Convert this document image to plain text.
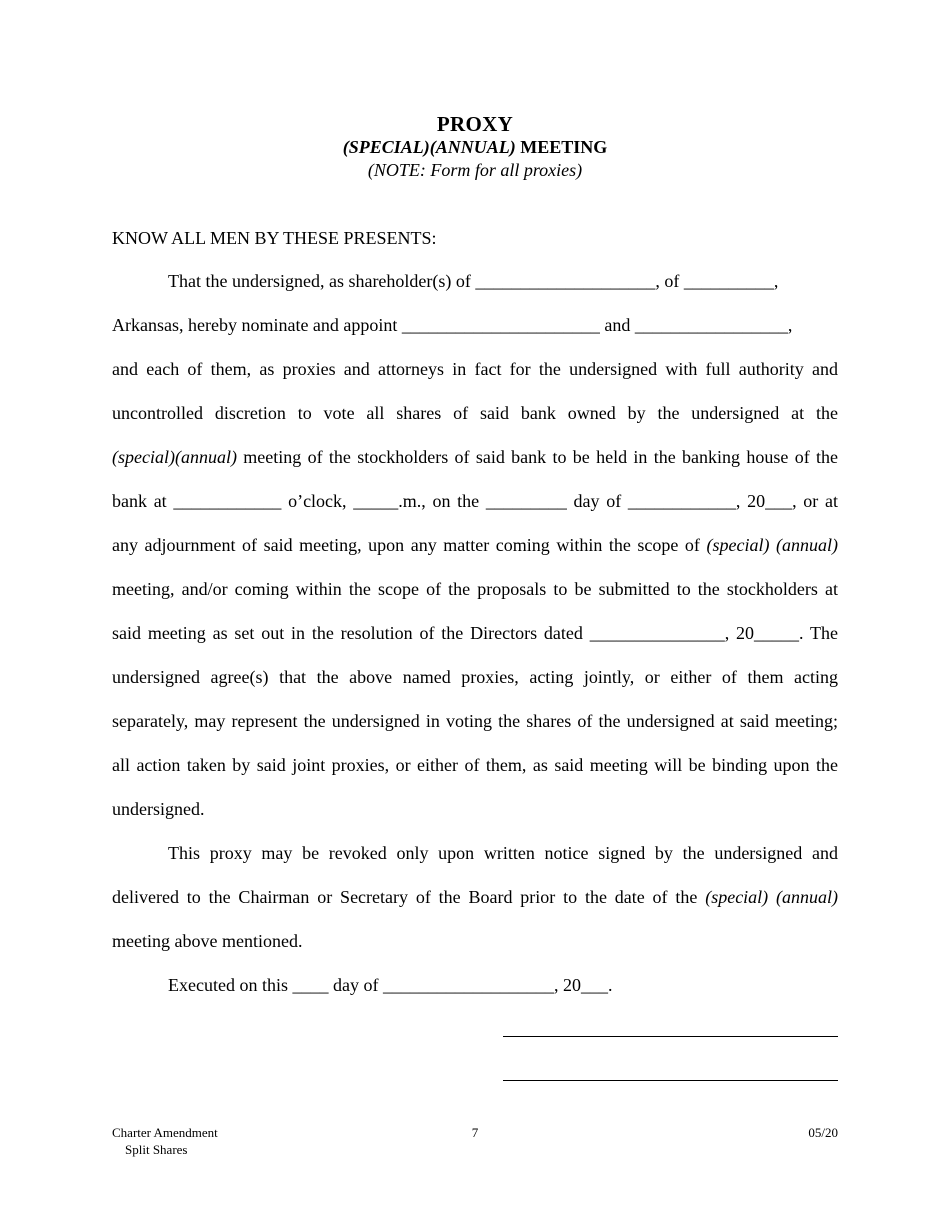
PROXY
(SPECIAL)(ANNUAL) MEETING
(NOTE: Form for all proxies)
KNOW ALL MEN BY THESE PRESENTS:
That the undersigned, as shareholder(s) of ____________________, of __________,
Arkansas, hereby nominate and appoint ______________________ and _________________,
and each of them, as proxies and attorneys in fact for the undersigned with full authority and
uncontrolled discretion to vote all shares of said bank owned by the undersigned at the
(special)(annual) meeting of the stockholders of said bank to be held in the banking house of the
bank at ____________ o’clock, _____.m., on the _________ day of ____________, 20___, or at
any adjournment of said meeting, upon any matter coming within the scope of (special) (annual)
meeting, and/or coming within the scope of the proposals to be submitted to the stockholders at
said meeting as set out in the resolution of the Directors dated _______________, 20_____. The
undersigned agree(s) that the above named proxies, acting jointly, or either of them acting
separately, may represent the undersigned in voting the shares of the undersigned at said meeting;
all action taken by said joint proxies, or either of them, as said meeting will be binding upon the
undersigned.
This proxy may be revoked only upon written notice signed by the undersigned and
delivered to the Chairman or Secretary of the Board prior to the date of the (special) (annual)
meeting above mentioned.
Executed on this ____ day of ___________________, 20___.
Charter Amendment
Split Shares
7	05/20
